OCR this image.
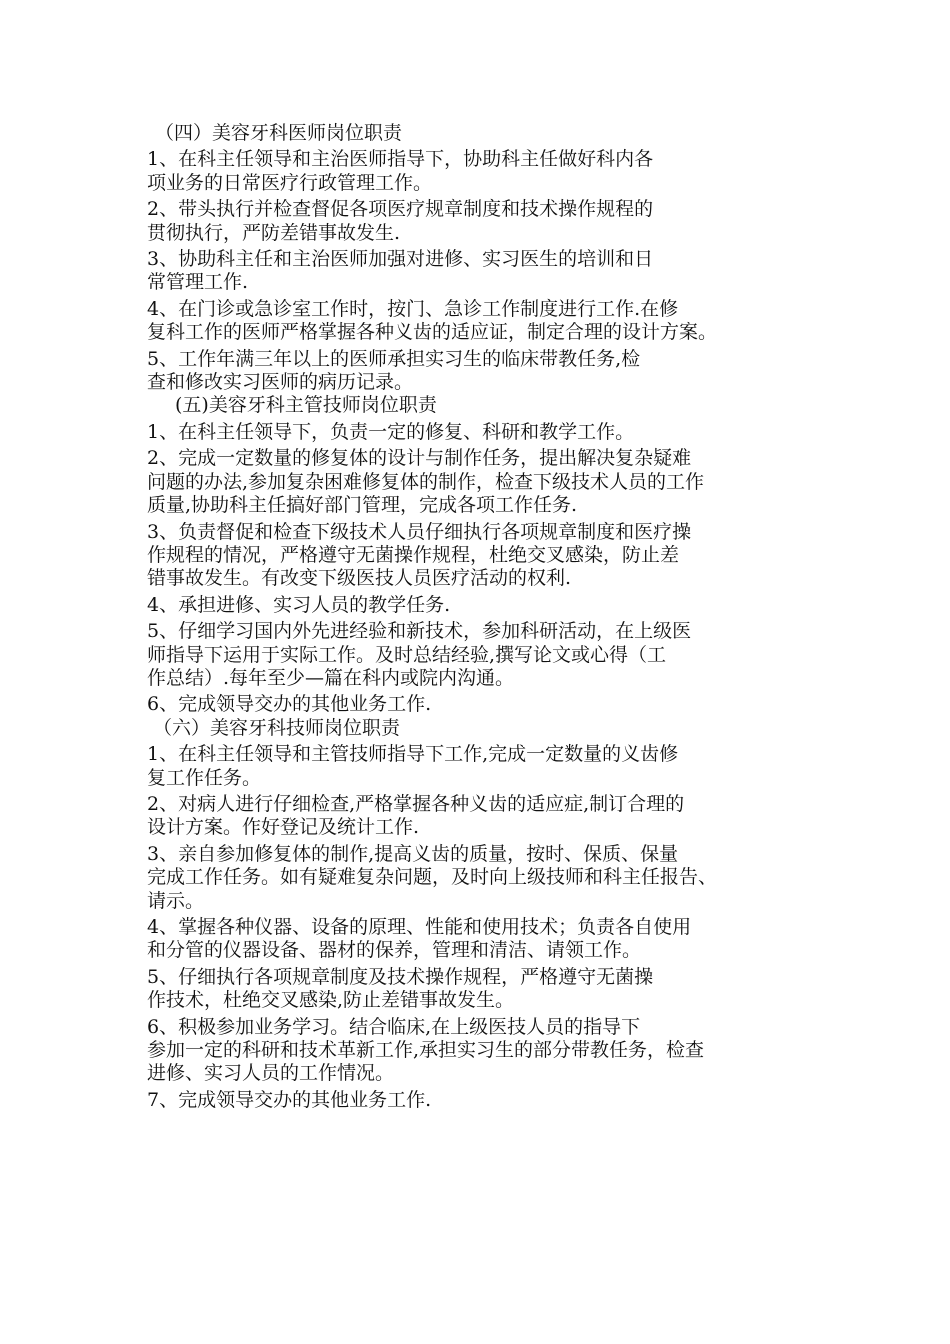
（四）美容牙科医师岗位职责
1、在科主任领导和主治医师指导下，协助科主任做好科内各
项业务的日常医疗行政管理工作。
2、带头执行并检查督促各项医疗规章制度和技术操作规程的
贯彻执行，严防差错事故发生.
3、协助科主任和主治医师加强对进修、实习医生的培训和日
常管理工作.
4、在门诊或急诊室工作时，按门、急诊工作制度进行工作.在修
复科工作的医师严格掌握各种义齿的适应证，制定合理的设计方案。
5、工作年满三年以上的医师承担实习生的临床带教任务,检
查和修改实习医师的病历记录。
(五)美容牙科主管技师岗位职责
1、在科主任领导下，负责一定的修复、科研和教学工作。
2、完成一定数量的修复体的设计与制作任务，提出解决复杂疑难
问题的办法,参加复杂困难修复体的制作，检查下级技术人员的工作
质量,协助科主任搞好部门管理，完成各项工作任务.
3、负责督促和检查下级技术人员仔细执行各项规章制度和医疗操
作规程的情况，严格遵守无菌操作规程，杜绝交叉感染，防止差
错事故发生。有改变下级医技人员医疗活动的权利.
4、承担进修、实习人员的教学任务.
5、仔细学习国内外先进经验和新技术，参加科研活动，在上级医
师指导下运用于实际工作。及时总结经验,撰写论文或心得（工
作总结）.每年至少—篇在科内或院内沟通。
6、完成领导交办的其他业务工作.
（六）美容牙科技师岗位职责
1、在科主任领导和主管技师指导下工作,完成一定数量的义齿修
复工作任务。
2、对病人进行仔细检查,严格掌握各种义齿的适应症,制订合理的
设计方案。作好登记及统计工作.
3、亲自参加修复体的制作,提高义齿的质量，按时、保质、保量
完成工作任务。如有疑难复杂问题，及时向上级技师和科主任报告、
请示。
4、掌握各种仪器、设备的原理、性能和使用技术；负责各自使用
和分管的仪器设备、器材的保养，管理和清洁、请领工作。
5、仔细执行各项规章制度及技术操作规程，严格遵守无菌操
作技术，杜绝交叉感染,防止差错事故发生。
6、积极参加业务学习。结合临床,在上级医技人员的指导下
参加一定的科研和技术革新工作,承担实习生的部分带教任务，检查
进修、实习人员的工作情况。
7、完成领导交办的其他业务工作.
